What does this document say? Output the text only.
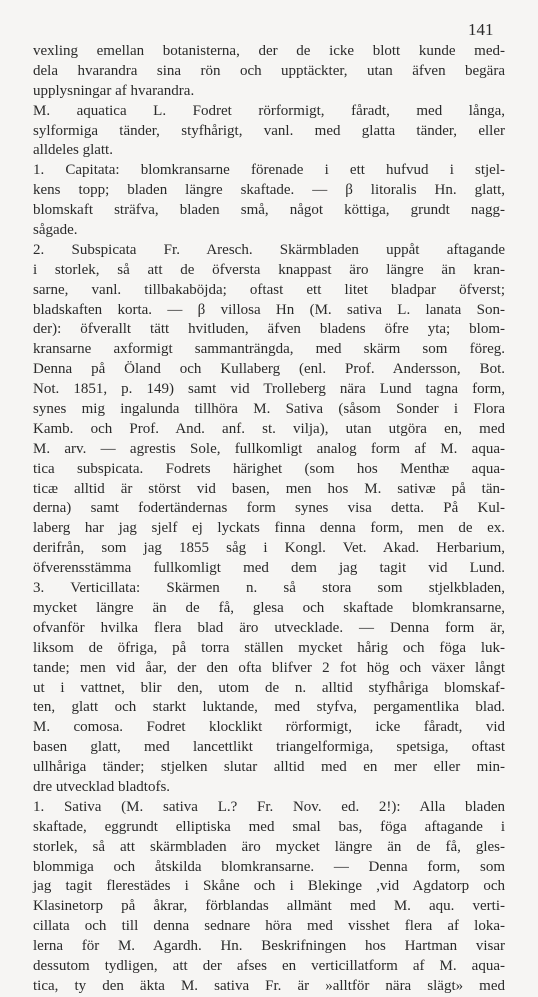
141
vexling emellan botanisterna, der de icke blott kunde med-
dela hvarandra sina rön och upptäckter, utan äfven begära
upplysningar af hvarandra.
M. aquatica L. Fodret rörformigt, fåradt, med långa,
sylformiga tänder, styfhårigt, vanl. med glatta tänder, eller
alldeles glatt.
1. Capitata: blomkransarne förenade i ett hufvud i stjel-
kens topp; bladen längre skaftade. — β litoralis Hn. glatt,
blomskaft sträfva, bladen små, något köttiga, grundt nagg-
sågade.
2. Subspicata Fr. Aresch. Skärmbladen uppåt aftagande
i storlek, så att de öfversta knappast äro längre än kran-
sarne, vanl. tillbakaböjda; oftast ett litet bladpar öfverst;
bladskaften korta. — β villosa Hn (M. sativa L. lanata Son-
der): öfverallt tätt hvitluden, äfven bladens öfre yta; blom-
kransarne axformigt sammanträngda, med skärm som föreg.
Denna på Öland och Kullaberg (enl. Prof. Andersson, Bot.
Not. 1851, p. 149) samt vid Trolleberg nära Lund tagna form,
synes mig ingalunda tillhöra M. Sativa (såsom Sonder i Flora
Kamb. och Prof. And. anf. st. vilja), utan utgöra en, med
M. arv. — agrestis Sole, fullkomligt analog form af M. aqua-
tica subspicata. Fodrets härighet (som hos Menthæ aqua-
ticæ alltid är störst vid basen, men hos M. sativæ på tän-
derna) samt fodertändernas form synes visa detta. På Kul-
laberg har jag sjelf ej lyckats finna denna form, men de ex.
derifrån, som jag 1855 såg i Kongl. Vet. Akad. Herbarium,
öfverensstämma fullkomligt med dem jag tagit vid Lund.
3. Verticillata: Skärmen n. så stora som stjelkbladen,
mycket längre än de få, glesa och skaftade blomkransarne,
ofvanför hvilka flera blad äro utvecklade. — Denna form är,
liksom de öfriga, på torra ställen mycket hårig och föga luk-
tande; men vid åar, der den ofta blifver 2 fot hög och växer långt
ut i vattnet, blir den, utom de n. alltid styfhåriga blomskaf-
ten, glatt och starkt luktande, med styfva, pergamentlika blad.
M. comosa. Fodret klocklikt rörformigt, icke fåradt, vid
basen glatt, med lancettlikt triangelformiga, spetsiga, oftast
ullhåriga tänder; stjelken slutar alltid med en mer eller min-
dre utvecklad bladtofs.
1. Sativa (M. sativa L.? Fr. Nov. ed. 2!): Alla bladen
skaftade, eggrundt elliptiska med smal bas, föga aftagande i
storlek, så att skärmbladen äro mycket längre än de få, gles-
blommiga och åtskilda blomkransarne. — Denna form, som
jag tagit flerestädes i Skåne och i Blekinge ,vid Agdatorp och
Klasinetorp på åkrar, förblandas allmänt med M. aqu. verti-
cillata och till denna sednare höra med visshet flera af loka-
lerna för M. Agardh. Hn. Beskrifningen hos Hartman visar
dessutom tydligen, att der afses en verticillatform af M. aqua-
tica, ty den äkta M. sativa Fr. är »alltför nära slägt» med
